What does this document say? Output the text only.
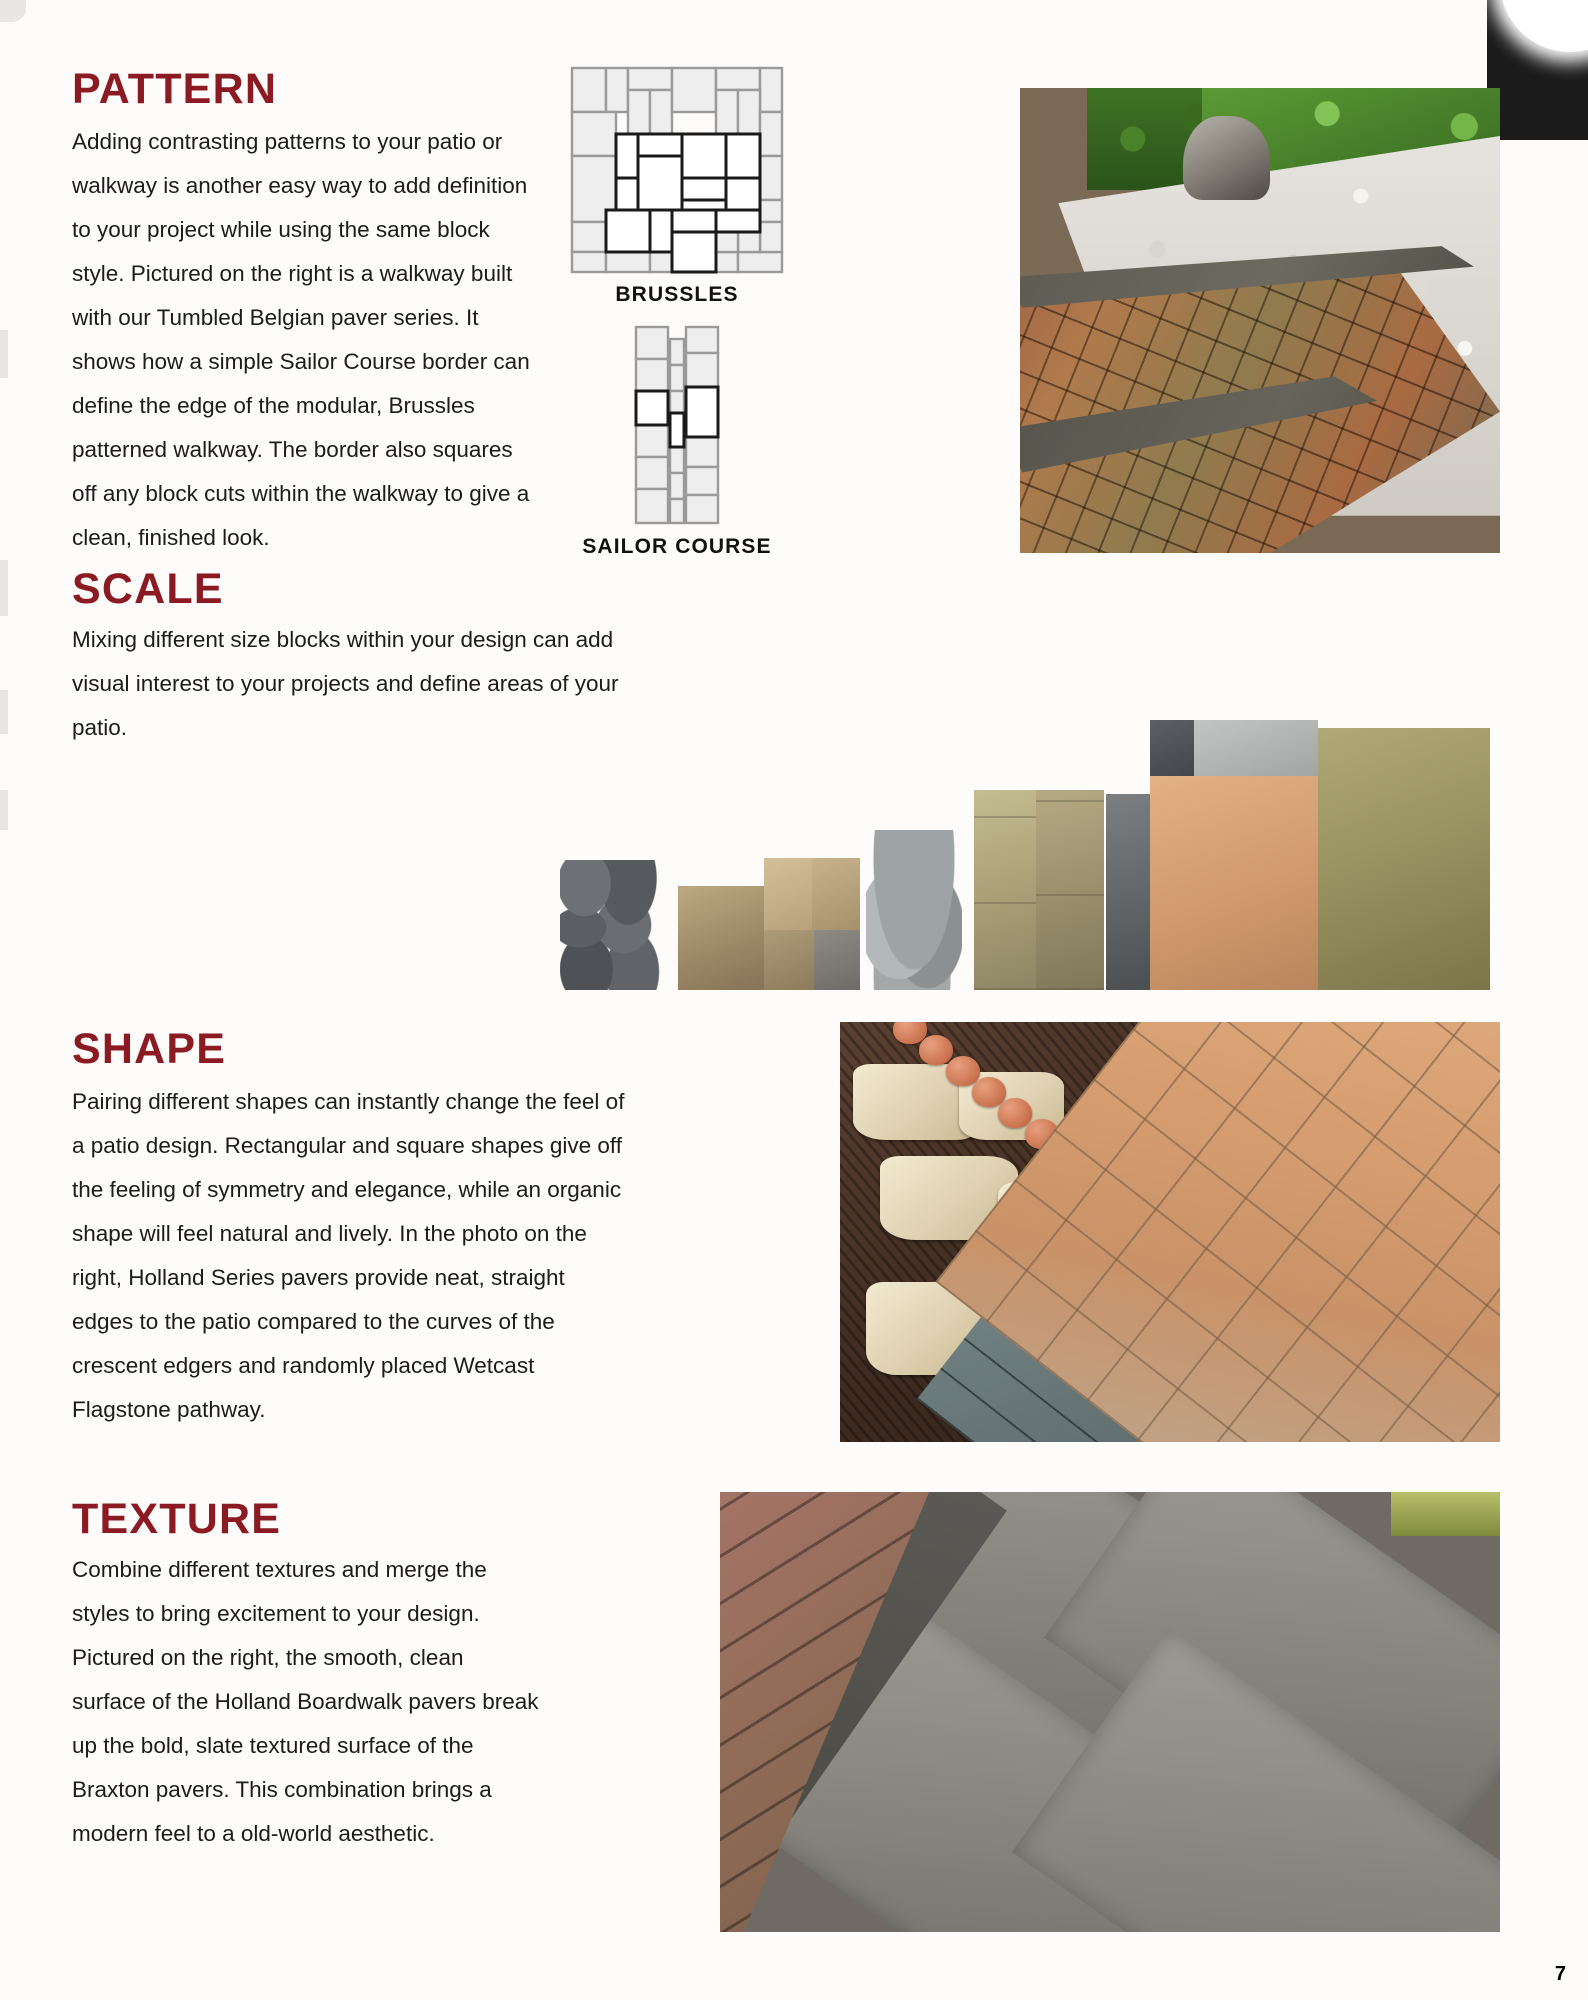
PATTERN

Adding contrasting patterns to your patio or walkway is another easy way to add definition to your project while using the same block style. Pictured on the right is a walkway built with our Tumbled Belgian paver series. It shows how a simple Sailor Course border can define the edge of the modular, Brussles patterned walkway. The border also squares off any block cuts within the walkway to give a clean, finished look.

BRUSSLES
SAILOR COURSE
SCALE

Mixing different size blocks within your design can add visual interest to your projects and define areas of your patio.

SHAPE

Pairing different shapes can instantly change the feel of a patio design. Rectangular and square shapes give off the feeling of symmetry and elegance, while an organic shape will feel natural and lively. In the photo on the right, Holland Series pavers provide neat, straight edges to the patio compared to the curves of the crescent edgers and randomly placed Wetcast Flagstone pathway.

TEXTURE

Combine different textures and merge the styles to bring excitement to your design. Pictured on the right, the smooth, clean surface of the Holland Boardwalk pavers break up the bold, slate textured surface of the Braxton pavers. This combination brings a modern feel to a old-world aesthetic.

7
